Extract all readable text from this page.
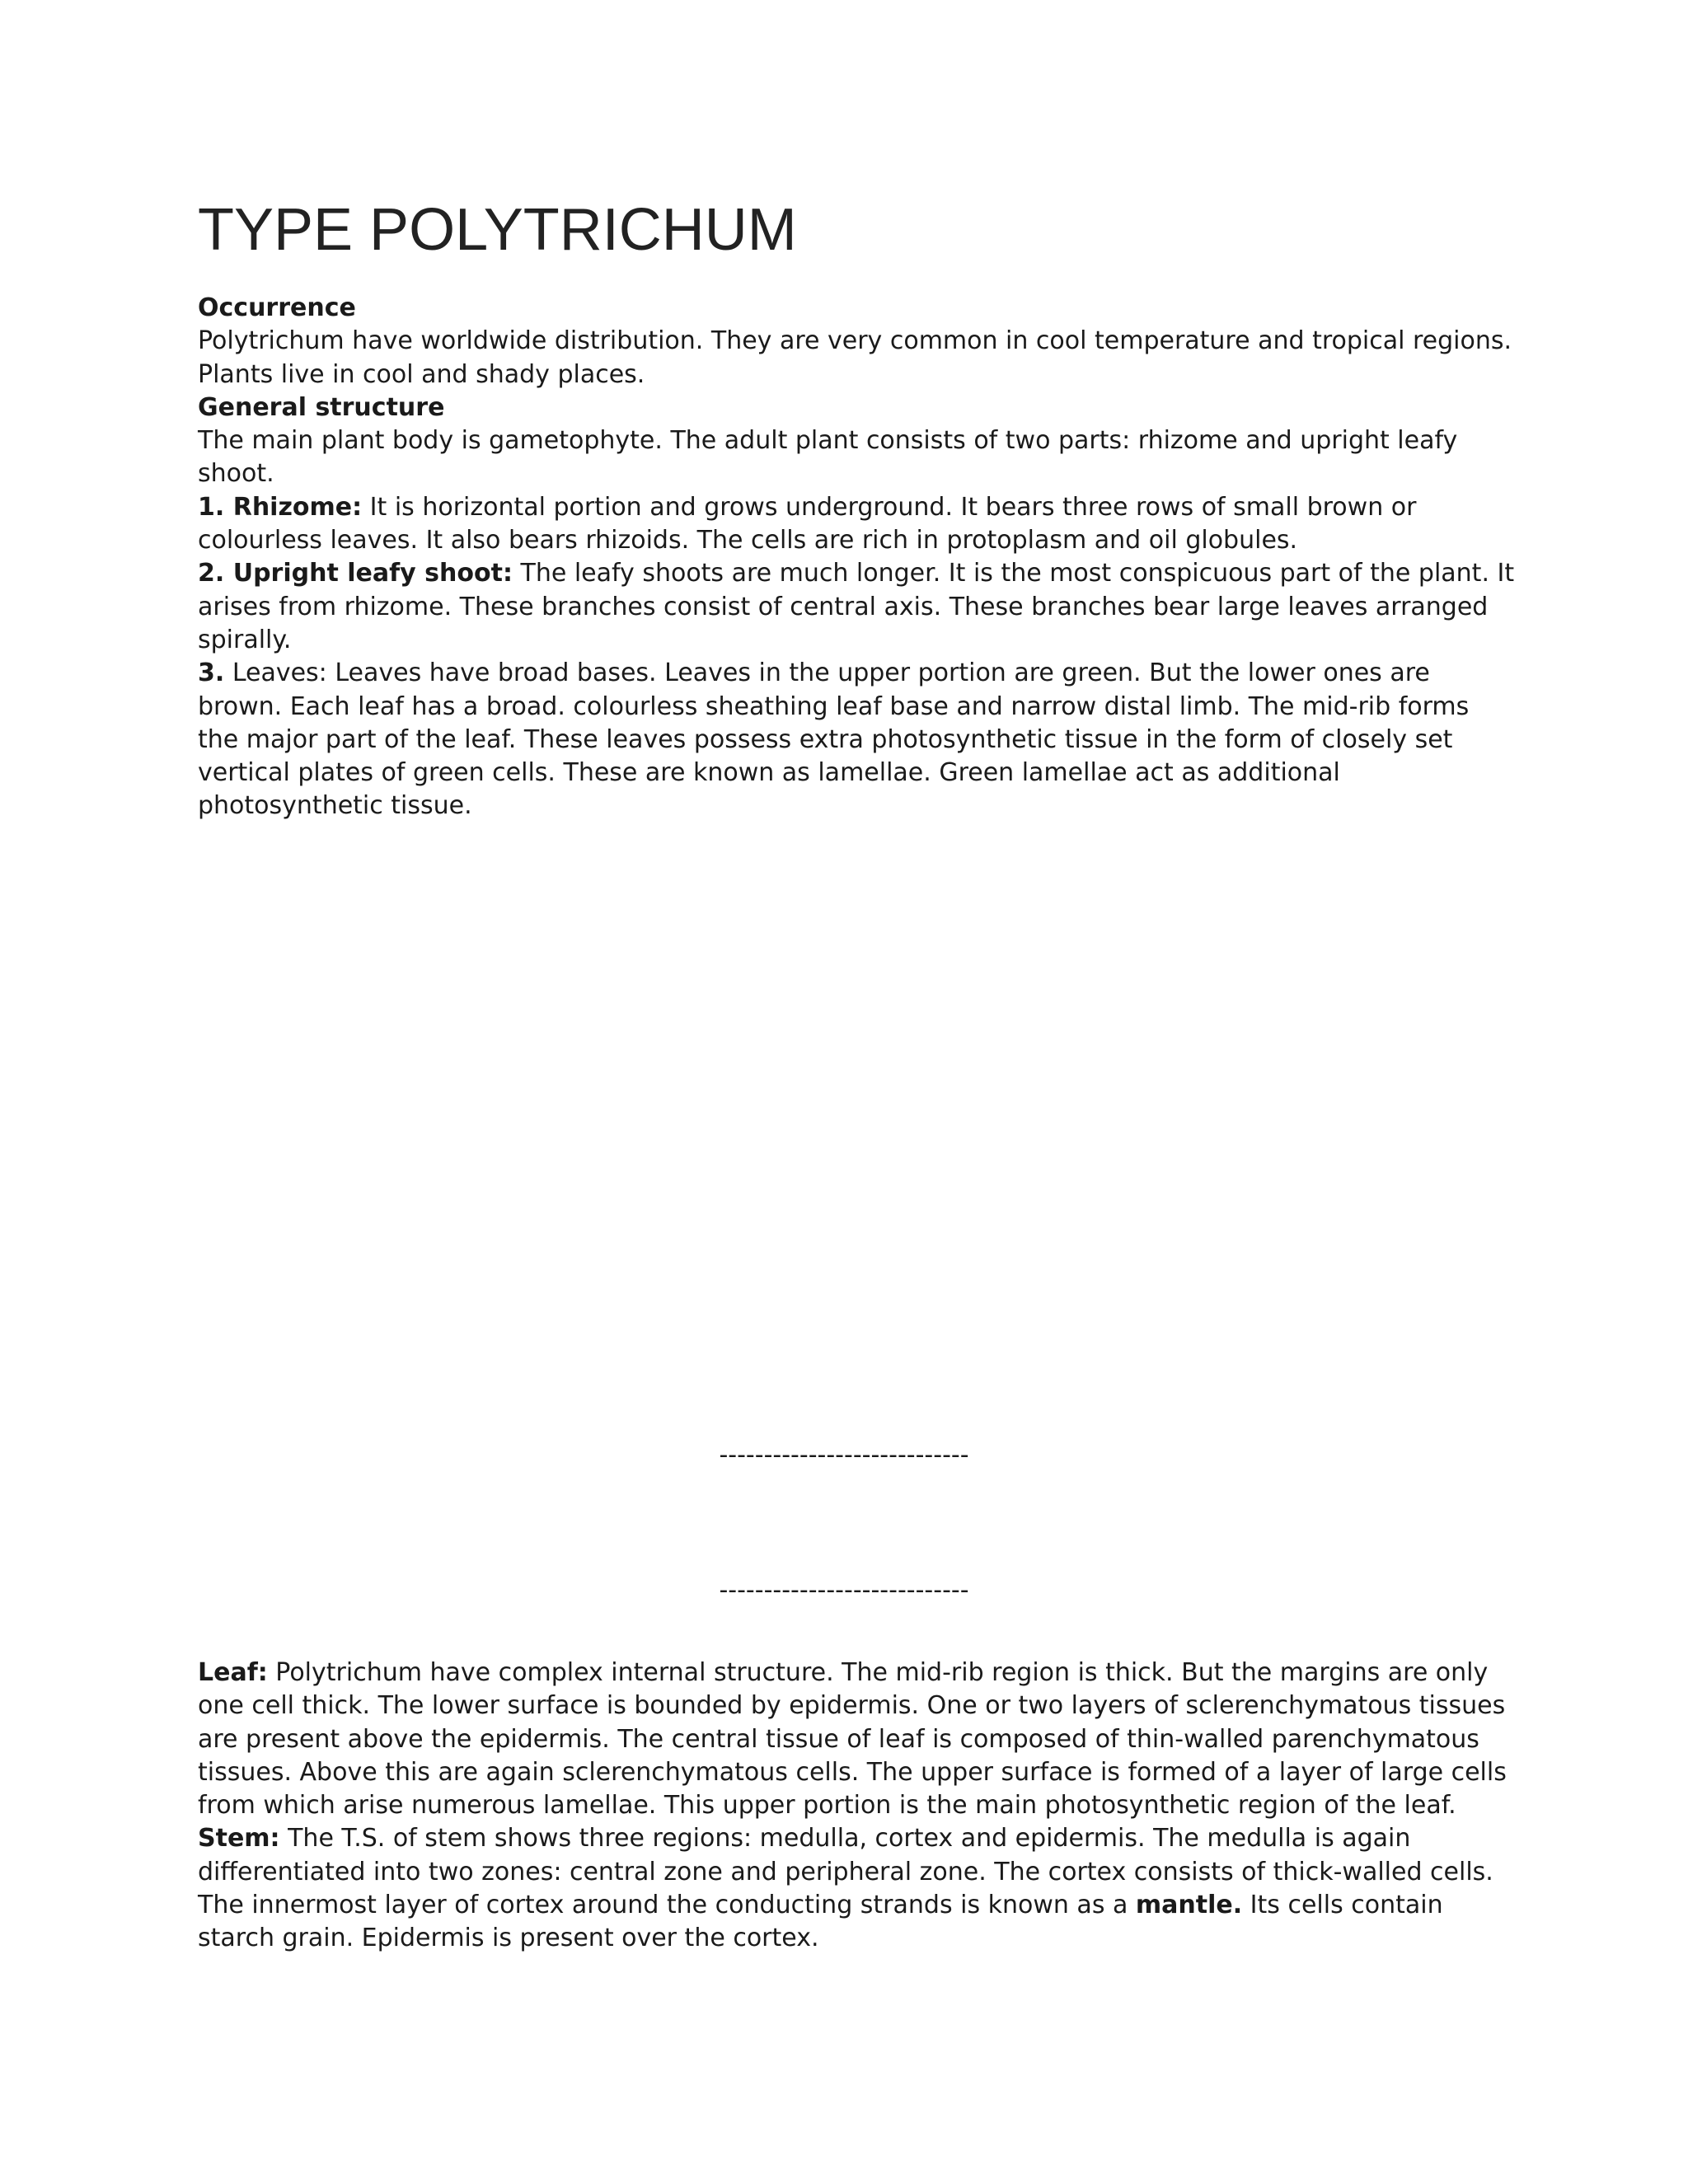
TYPE POLYTRICHUM

Occurrence

Polytrichum have worldwide distribution. They are very common in cool temperature and tropical regions. Plants live in cool and shady places.

General structure

The main plant body is gametophyte. The adult plant consists of two parts: rhizome and upright leafy shoot.

1. Rhizome: It is horizontal portion and grows underground. It bears three rows of small brown or colourless leaves. It also bears rhizoids. The cells are rich in protoplasm and oil globules.

2. Upright leafy shoot: The leafy shoots are much longer. It is the most conspicuous part of the plant. It arises from rhizome. These branches consist of central axis. These branches bear large leaves arranged spirally.

3. Leaves: Leaves have broad bases. Leaves in the upper portion are green. But the lower ones are brown. Each leaf has a broad. colourless sheathing leaf base and narrow distal limb. The mid-rib forms the major part of the leaf. These leaves possess extra photosynthetic tissue in the form of closely set vertical plates of green cells. These are known as lamellae. Green lamellae act as additional photosynthetic tissue.

----------------------------
----------------------------

Leaf: Polytrichum have complex internal structure. The mid-rib region is thick. But the margins are only one cell thick. The lower surface is bounded by epidermis. One or two layers of sclerenchymatous tissues are present above the epidermis. The central tissue of leaf is composed of thin-walled parenchymatous tissues. Above this are again sclerenchymatous cells. The upper surface is formed of a layer of large cells from which arise numerous lamellae. This upper portion is the main photosynthetic region of the leaf.

Stem: The T.S. of stem shows three regions: medulla, cortex and epidermis. The medulla is again differentiated into two zones: central zone and peripheral zone. The cortex consists of thick-walled cells. The innermost layer of cortex around the conducting strands is known as a mantle. Its cells contain starch grain. Epidermis is present over the cortex.
